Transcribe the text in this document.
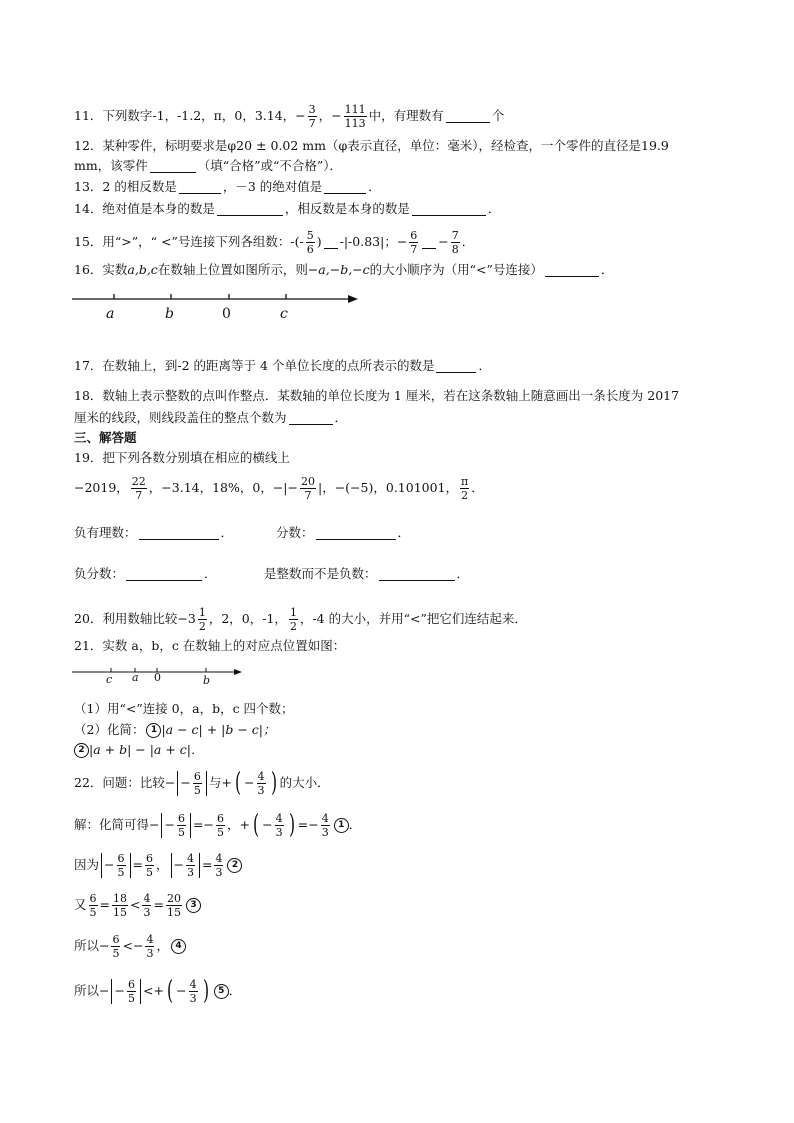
11．下列数字-1，-1.2，π，0，3.14， − $\frac{3}{7}$ ， − $\frac{111}{113}$ 中，有理数有	个
12．某种零件，标明要求是φ20 ± 0.02 mm（φ表示直径，单位：毫米），经检查，一个零件的直径是19.9
mm，该零件	（填“合格”或“不合格”）．
13．2 的相反数是	，－3 的绝对值是	．
14．绝对值是本身的数是	，相反数是本身的数是	．
15．用“>”，“ <”号连接下列各组数： -(- $\frac{5}{6}$ ) -|-0.83| ；− $\frac{6}{7} - \frac{7}{8}$ ．
16．实数 a,b,c 在数轴上位置如图所示，则 −a,−b,−c 的大小顺序为（用“<”号连接）	．
a	b	0	c
17．在数轴上，到-2 的距离等于 4 个单位长度的点所表示的数是	．
18．数轴上表示整数的点叫作整点．某数轴的单位长度为 1 厘米，若在这条数轴上随意画出一条长度为 2017
厘米的线段，则线段盖住的整点个数为	．
三、解答题
19．把下列各数分别填在相应的横线上
−2019， $\frac{22}{7}$ ，−3.14，18%，0，−|− $\frac{20}{7}$ |，−(−5)，0.101001， $\frac{\pi}{2}$ ．
负有理数：	．	分数：	．
负分数：	．	是整数而不是负数：	．
20．利用数轴比较$-3 \frac{1}{2}$ ，2，0，-1， $\frac{1}{2}$ ，-4 的大小，并用“<”把它们连结起来．
21．实数 a，b，c 在数轴上的对应点位置如图：
c a 0	b
（1）用“<”连接 0，a，b，c 四个数；
（2）化简： 1 |a − c| + |b − c|；
2 |a + b| − |a + c|．
22．问题：比较− − $\frac{6}{5}$ 与+ ( − $\frac{4}{3}$ ) 的大小．
解：化简可得− − $\frac{6}{5}$ = − $\frac{6}{5}$ ， + ( − $\frac{4}{3}$ ) = − $\frac{4}{3} 1$ ．
因为 − $\frac{6}{5} = \frac{6}{5}$ ， − $\frac{4}{3} = \frac{4}{3} 2$
又 $\frac{6}{5} = \frac{18}{15} < \frac{4}{3} = \frac{20}{15} 3$
所以− $\frac{6}{5}$ < − $\frac{4}{3}$ ， 4
所以− − $\frac{6}{5}$ < + ( − $\frac{4}{3}$ )	5 ．
